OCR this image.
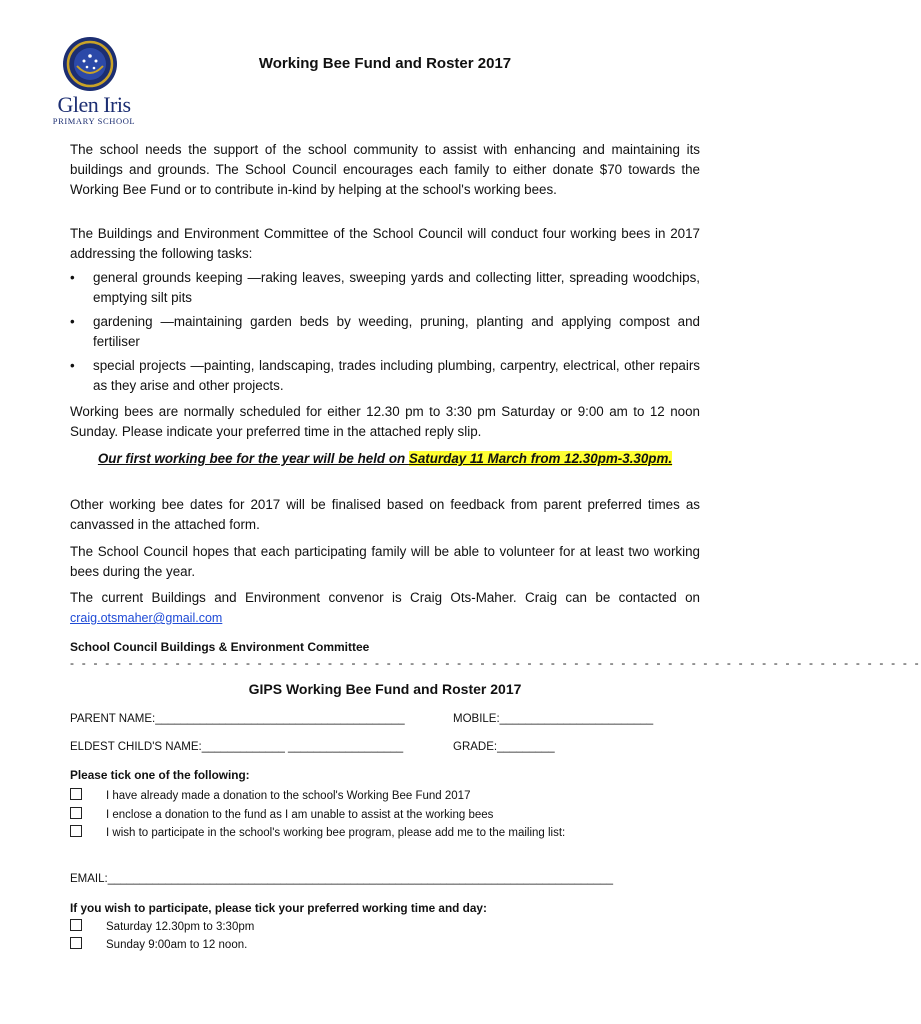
Glen Iris
PRIMARY SCHOOL
Working Bee Fund and Roster 2017
The school needs the support of the school community to assist with enhancing and maintaining its buildings and grounds. The School Council encourages each family to either donate $70 towards the Working Bee Fund or to contribute in-kind by helping at the school's working bees.
The Buildings and Environment Committee of the School Council will conduct four working bees in 2017 addressing the following tasks:
• general grounds keeping —raking leaves, sweeping yards and collecting litter, spreading woodchips, emptying silt pits
• gardening —maintaining garden beds by weeding, pruning, planting and applying compost and fertiliser
• special projects —painting, landscaping, trades including plumbing, carpentry, electrical, other repairs as they arise and other projects.
Working bees are normally scheduled for either 12.30 pm to 3:30 pm Saturday or 9:00 am to 12 noon Sunday. Please indicate your preferred time in the attached reply slip.
Our first working bee for the year will be held on Saturday 11 March from 12.30pm-3.30pm.
Other working bee dates for 2017 will be finalised based on feedback from parent preferred times as canvassed in the attached form.
The School Council hopes that each participating family will be able to volunteer for at least two working bees during the year.
The current Buildings and Environment convenor is Craig Ots-Maher. Craig can be contacted on craig.otsmaher@gmail.com
School Council Buildings & Environment Committee
- - - - - - - - - - - - - - - - - - - - - - - - - - - - - - - - - - - - - - - - - - - - - - - - - - - - - - - - - - - - - - - - - - - - - - - - -
GIPS Working Bee Fund and Roster 2017
PARENT NAME:_______________________________________	MOBILE:________________________
ELDEST CHILD'S NAME:_____________ __________________	GRADE:_________
Please tick one of the following:
I have already made a donation to the school's Working Bee Fund 2017
I enclose a donation to the fund as I am unable to assist at the working bees
I wish to participate in the school's working bee program, please add me to the mailing list:
EMAIL:_______________________________________________________________________________
If you wish to participate, please tick your preferred working time and day:
Saturday 12.30pm to 3:30pm
Sunday 9:00am to 12 noon.
